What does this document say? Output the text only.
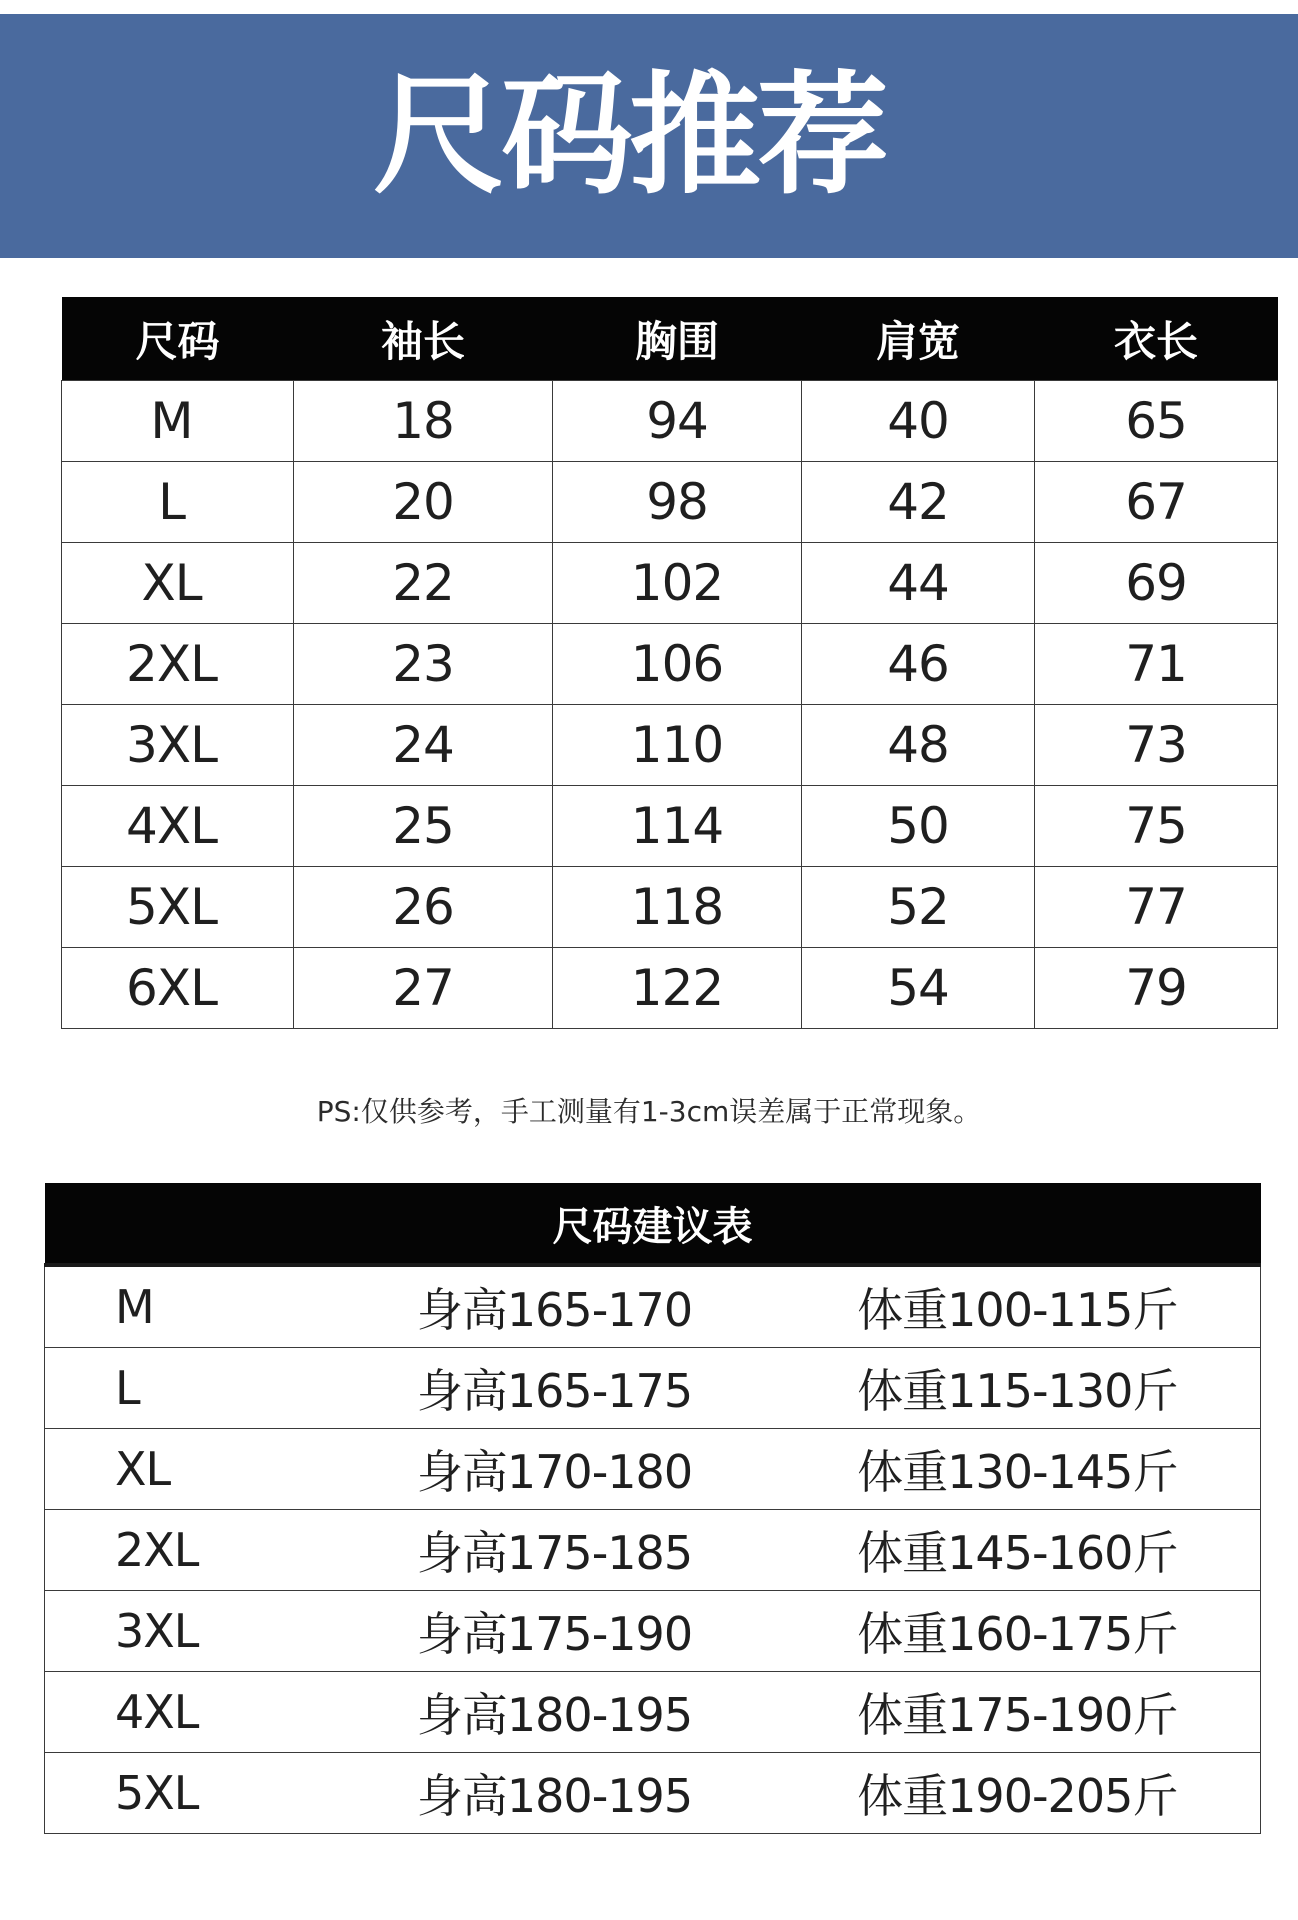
尺码推荐
尺码	袖长	胸围	肩宽	衣长
M	18	94	40	65
L	20	98	42	67
XL	22	102	44	69
2XL	23	106	46	71
3XL	24	110	48	73
4XL	25	114	50	75
5XL	26	118	52	77
6XL	27	122	54	79
PS:仅供参考，手工测量有1-3cm误差属于正常现象。
尺码建议表		
M	身高165-170	体重100-115斤
L	身高165-175	体重115-130斤
XL	身高170-180	体重130-145斤
2XL	身高175-185	体重145-160斤
3XL	身高175-190	体重160-175斤
4XL	身高180-195	体重175-190斤
5XL	身高180-195	体重190-205斤
